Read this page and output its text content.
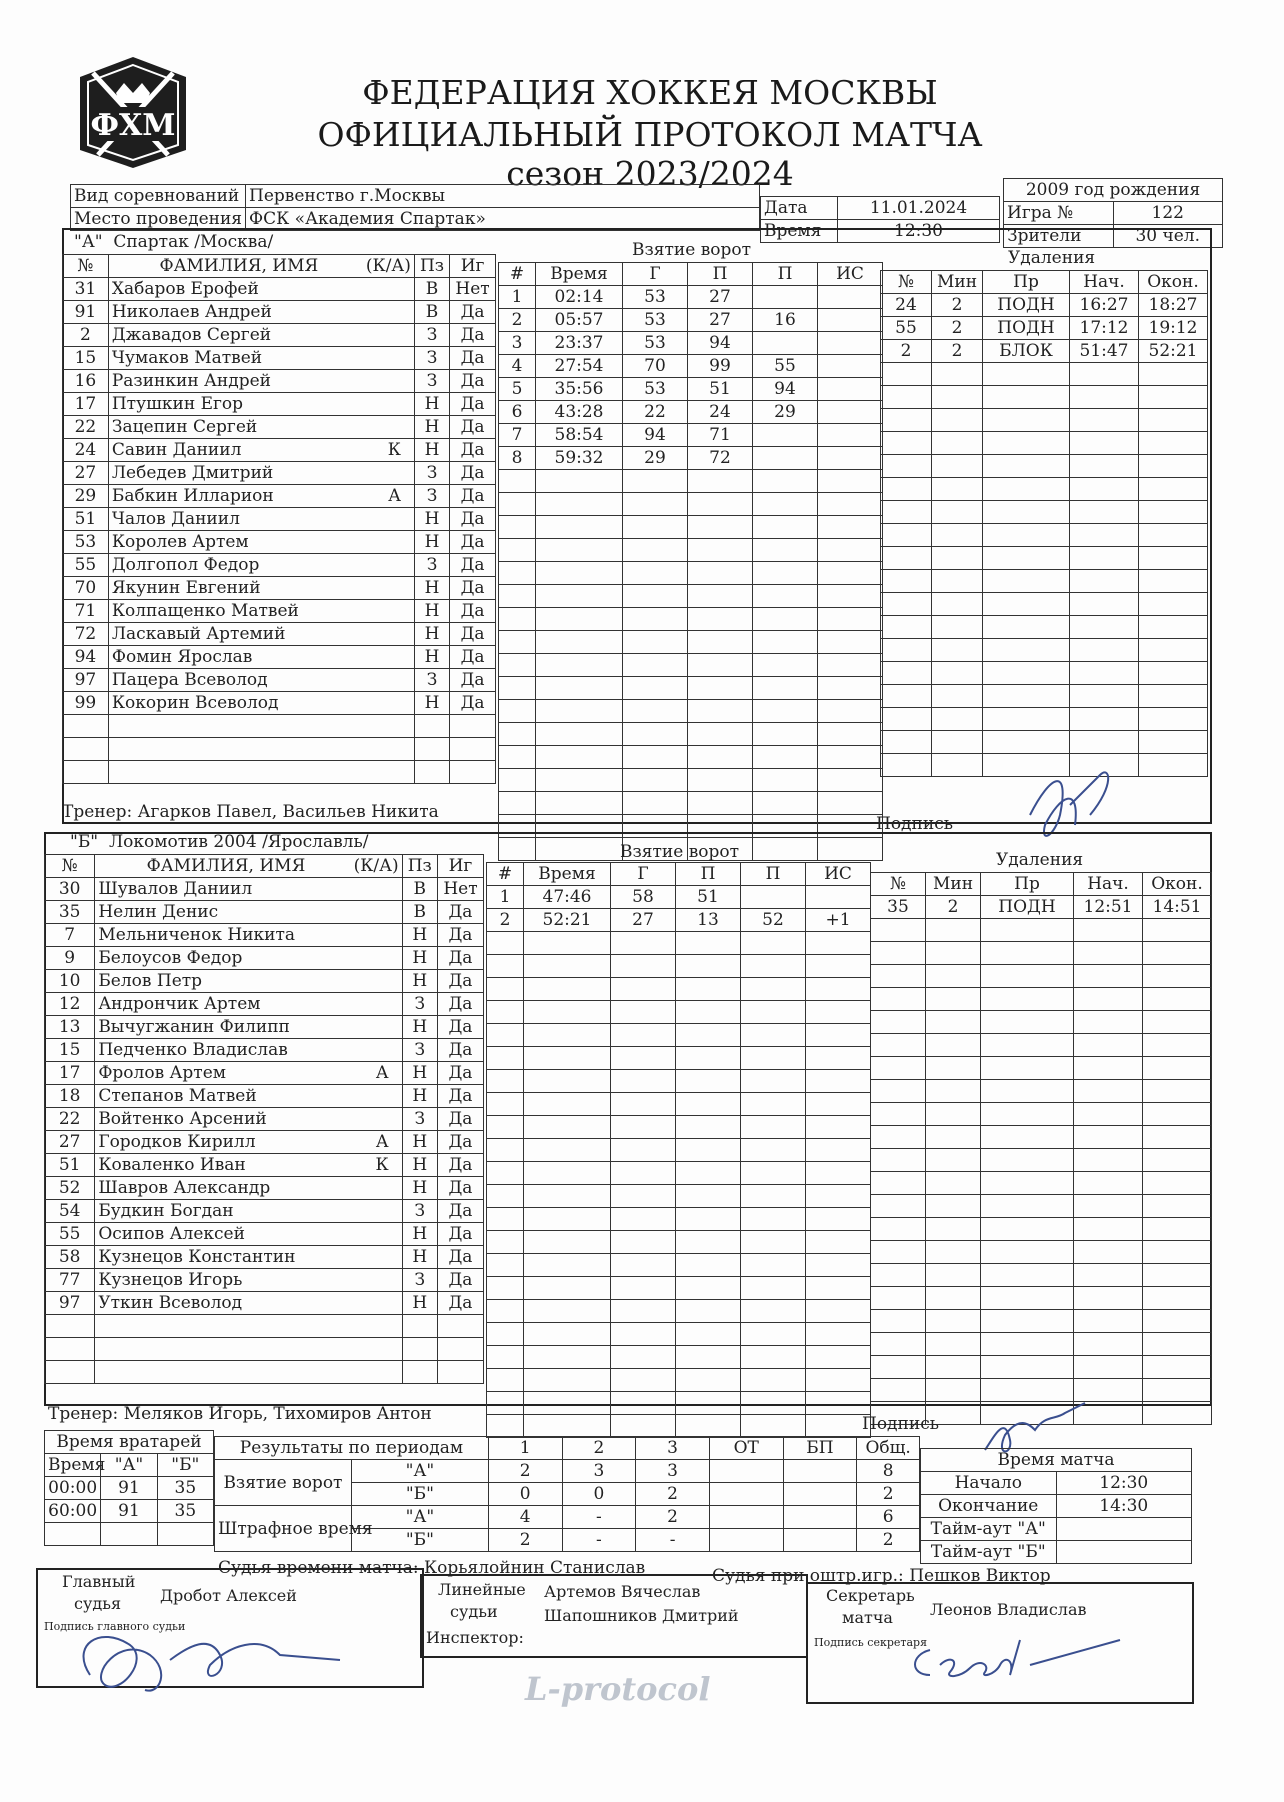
ФХМ
ФЕДЕРАЦИЯ ХОККЕЯ МОСКВЫ
ОФИЦИАЛЬНЫЙ ПРОТОКОЛ МАТЧА
сезон 2023/2024
Вид соревнований	Первенство г.Москвы
Место проведения	ФСК «Академия Спартак»
Дата	11.01.2024
Время	12:30
2009 год рождения	
Игра №	122
Зрители	30 чел.
"А" Спартак /Москва/
№	ФАМИЛИЯ, ИМЯ (К/А)	Пз	Иг
31	Хабаров Ерофей	В	Нет
91	Николаев Андрей	В	Да
2	Джавадов Сергей	З	Да
15	Чумаков Матвей	З	Да
16	Разинкин Андрей	З	Да
17	Птушкин Егор	Н	Да
22	Зацепин Сергей	Н	Да
24	Савин Даниил К	Н	Да
27	Лебедев Дмитрий	З	Да
29	Бабкин Илларион А	З	Да
51	Чалов Даниил	Н	Да
53	Королев Артем	Н	Да
55	Долгопол Федор	З	Да
70	Якунин Евгений	Н	Да
71	Колпащенко Матвей	Н	Да
72	Ласкавый Артемий	Н	Да
94	Фомин Ярослав	Н	Да
97	Пацера Всеволод	З	Да
99	Кокорин Всеволод	Н	Да

Взятие ворот
#	Время	Г	П	П	ИС
1	02:14	53	27		
2	05:57	53	27	16	
3	23:37	53	94		
4	27:54	70	99	55	
5	35:56	53	51	94	
6	43:28	22	24	29	
7	58:54	94	71		
8	59:32	29	72		

Удаления
№	Мин	Пр	Нач.	Окон.
24	2	ПОДН	16:27	18:27
55	2	ПОДН	17:12	19:12
2	2	БЛОК	51:47	52:21

Тренер: Агарков Павел, Васильев Никита
Подпись
"Б" Локомотив 2004 /Ярославль/
№	ФАМИЛИЯ, ИМЯ (К/А)	Пз	Иг
30	Шувалов Даниил	В	Нет
35	Нелин Денис	В	Да
7	Мельниченок Никита	Н	Да
9	Белоусов Федор	Н	Да
10	Белов Петр	Н	Да
12	Андрончик Артем	З	Да
13	Вычугжанин Филипп	Н	Да
15	Педченко Владислав	З	Да
17	Фролов Артем А	Н	Да
18	Степанов Матвей	Н	Да
22	Войтенко Арсений	З	Да
27	Городков Кирилл А	Н	Да
51	Коваленко Иван К	Н	Да
52	Шавров Александр	Н	Да
54	Будкин Богдан	З	Да
55	Осипов Алексей	Н	Да
58	Кузнецов Константин	Н	Да
77	Кузнецов Игорь	З	Да
97	Уткин Всеволод	Н	Да

Взятие ворот
#	Время	Г	П	П	ИС
1	47:46	58	51		
2	52:21	27	13	52	+1

Удаления
№	Мин	Пр	Нач.	Окон.
35	2	ПОДН	12:51	14:51

Тренер: Меляков Игорь, Тихомиров Антон	Подпись
Время вратарей		
Время	"А"	"Б"
00:00	91	35
60:00	91	35

Результаты по периодам		1	2	3	ОТ	БП	Общ.
Взятие ворот	"А"	2	3	3			8
	"Б"	0	0	2			2
Штрафное время	"А"	4	-	2			6
	"Б"	2	-	-			2
Время матча	
Начало	12:30
Окончание	14:30
Тайм-аут "А"	
Тайм-аут "Б"	
Судья времени матча: Корьялойнин Станислав	Судья при оштр.игр.: Пешков Виктор
Главный
судья Дробот Алексей
Подпись главного судьи
Линейные
судьи
Артемов Вячеслав
Шапошников Дмитрий
Инспектор:
Секретарь
матча Леонов Владислав
Подпись секретаря
L-protocol
